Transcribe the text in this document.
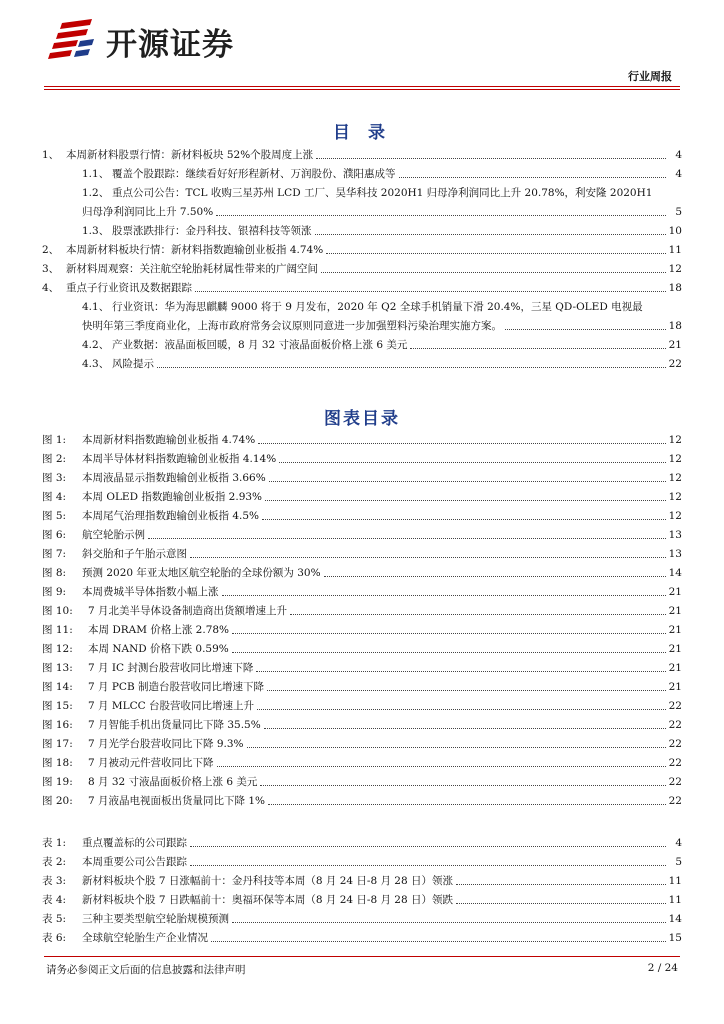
开源证券
行业周报
目 录
1、 本周新材料股票行情：新材料板块 52%个股周度上涨	4
1.1、 覆盖个股跟踪：继续看好好形程新材、万润股份、濮阳惠成等	4
1.2、 重点公司公告：TCL 收购三星苏州 LCD 工厂、昊华科技 2020H1 归母净利润同比上升 20.78%，利安隆 2020H1
归母净利润同比上升 7.50%	5
1.3、 股票涨跌排行：金丹科技、银禧科技等领涨	10
2、 本周新材料板块行情：新材料指数跑输创业板指 4.74%	11
3、 新材料周观察：关注航空轮胎耗材属性带来的广阔空间	12
4、 重点子行业资讯及数据跟踪	18
4.1、 行业资讯：华为海思麒麟 9000 将于 9 月发布，2020 年 Q2 全球手机销量下滑 20.4%，三星 QD-OLED 电视最
快明年第三季度商业化，上海市政府常务会议原则同意进一步加强塑料污染治理实施方案。	18
4.2、 产业数据：液晶面板回暖，8 月 32 寸液晶面板价格上涨 6 美元	21
4.3、 风险提示	22
图表目录
图 1:	本周新材料指数跑输创业板指 4.74%	12
图 2:	本周半导体材料指数跑输创业板指 4.14%	12
图 3:	本周液晶显示指数跑输创业板指 3.66%	12
图 4:	本周 OLED 指数跑输创业板指 2.93%	12
图 5:	本周尾气治理指数跑输创业板指 4.5%	12
图 6:	航空轮胎示例	13
图 7:	斜交胎和子午胎示意图	13
图 8:	预测 2020 年亚太地区航空轮胎的全球份额为 30%	14
图 9:	本周费城半导体指数小幅上涨	21
图 10:	7 月北美半导体设备制造商出货额增速上升	21
图 11:	本周 DRAM 价格上涨 2.78%	21
图 12:	本周 NAND 价格下跌 0.59%	21
图 13:	7 月 IC 封测台股营收同比增速下降	21
图 14:	7 月 PCB 制造台股营收同比增速下降	21
图 15:	7 月 MLCC 台股营收同比增速上升	22
图 16:	7 月智能手机出货量同比下降 35.5%	22
图 17:	7 月光学台股营收同比下降 9.3%	22
图 18:	7 月被动元件营收同比下降	22
图 19:	8 月 32 寸液晶面板价格上涨 6 美元	22
图 20:	7 月液晶电视面板出货量同比下降 1%	22
表 1:	重点覆盖标的公司跟踪	4
表 2:	本周重要公司公告跟踪	5
表 3:	新材料板块个股 7 日涨幅前十：金丹科技等本周（8 月 24 日-8 月 28 日）领涨	11
表 4:	新材料板块个股 7 日跌幅前十：奥福环保等本周（8 月 24 日-8 月 28 日）领跌	11
表 5:	三种主要类型航空轮胎规模预测	14
表 6:	全球航空轮胎生产企业情况	15
请务必参阅正文后面的信息披露和法律声明	2 / 24
